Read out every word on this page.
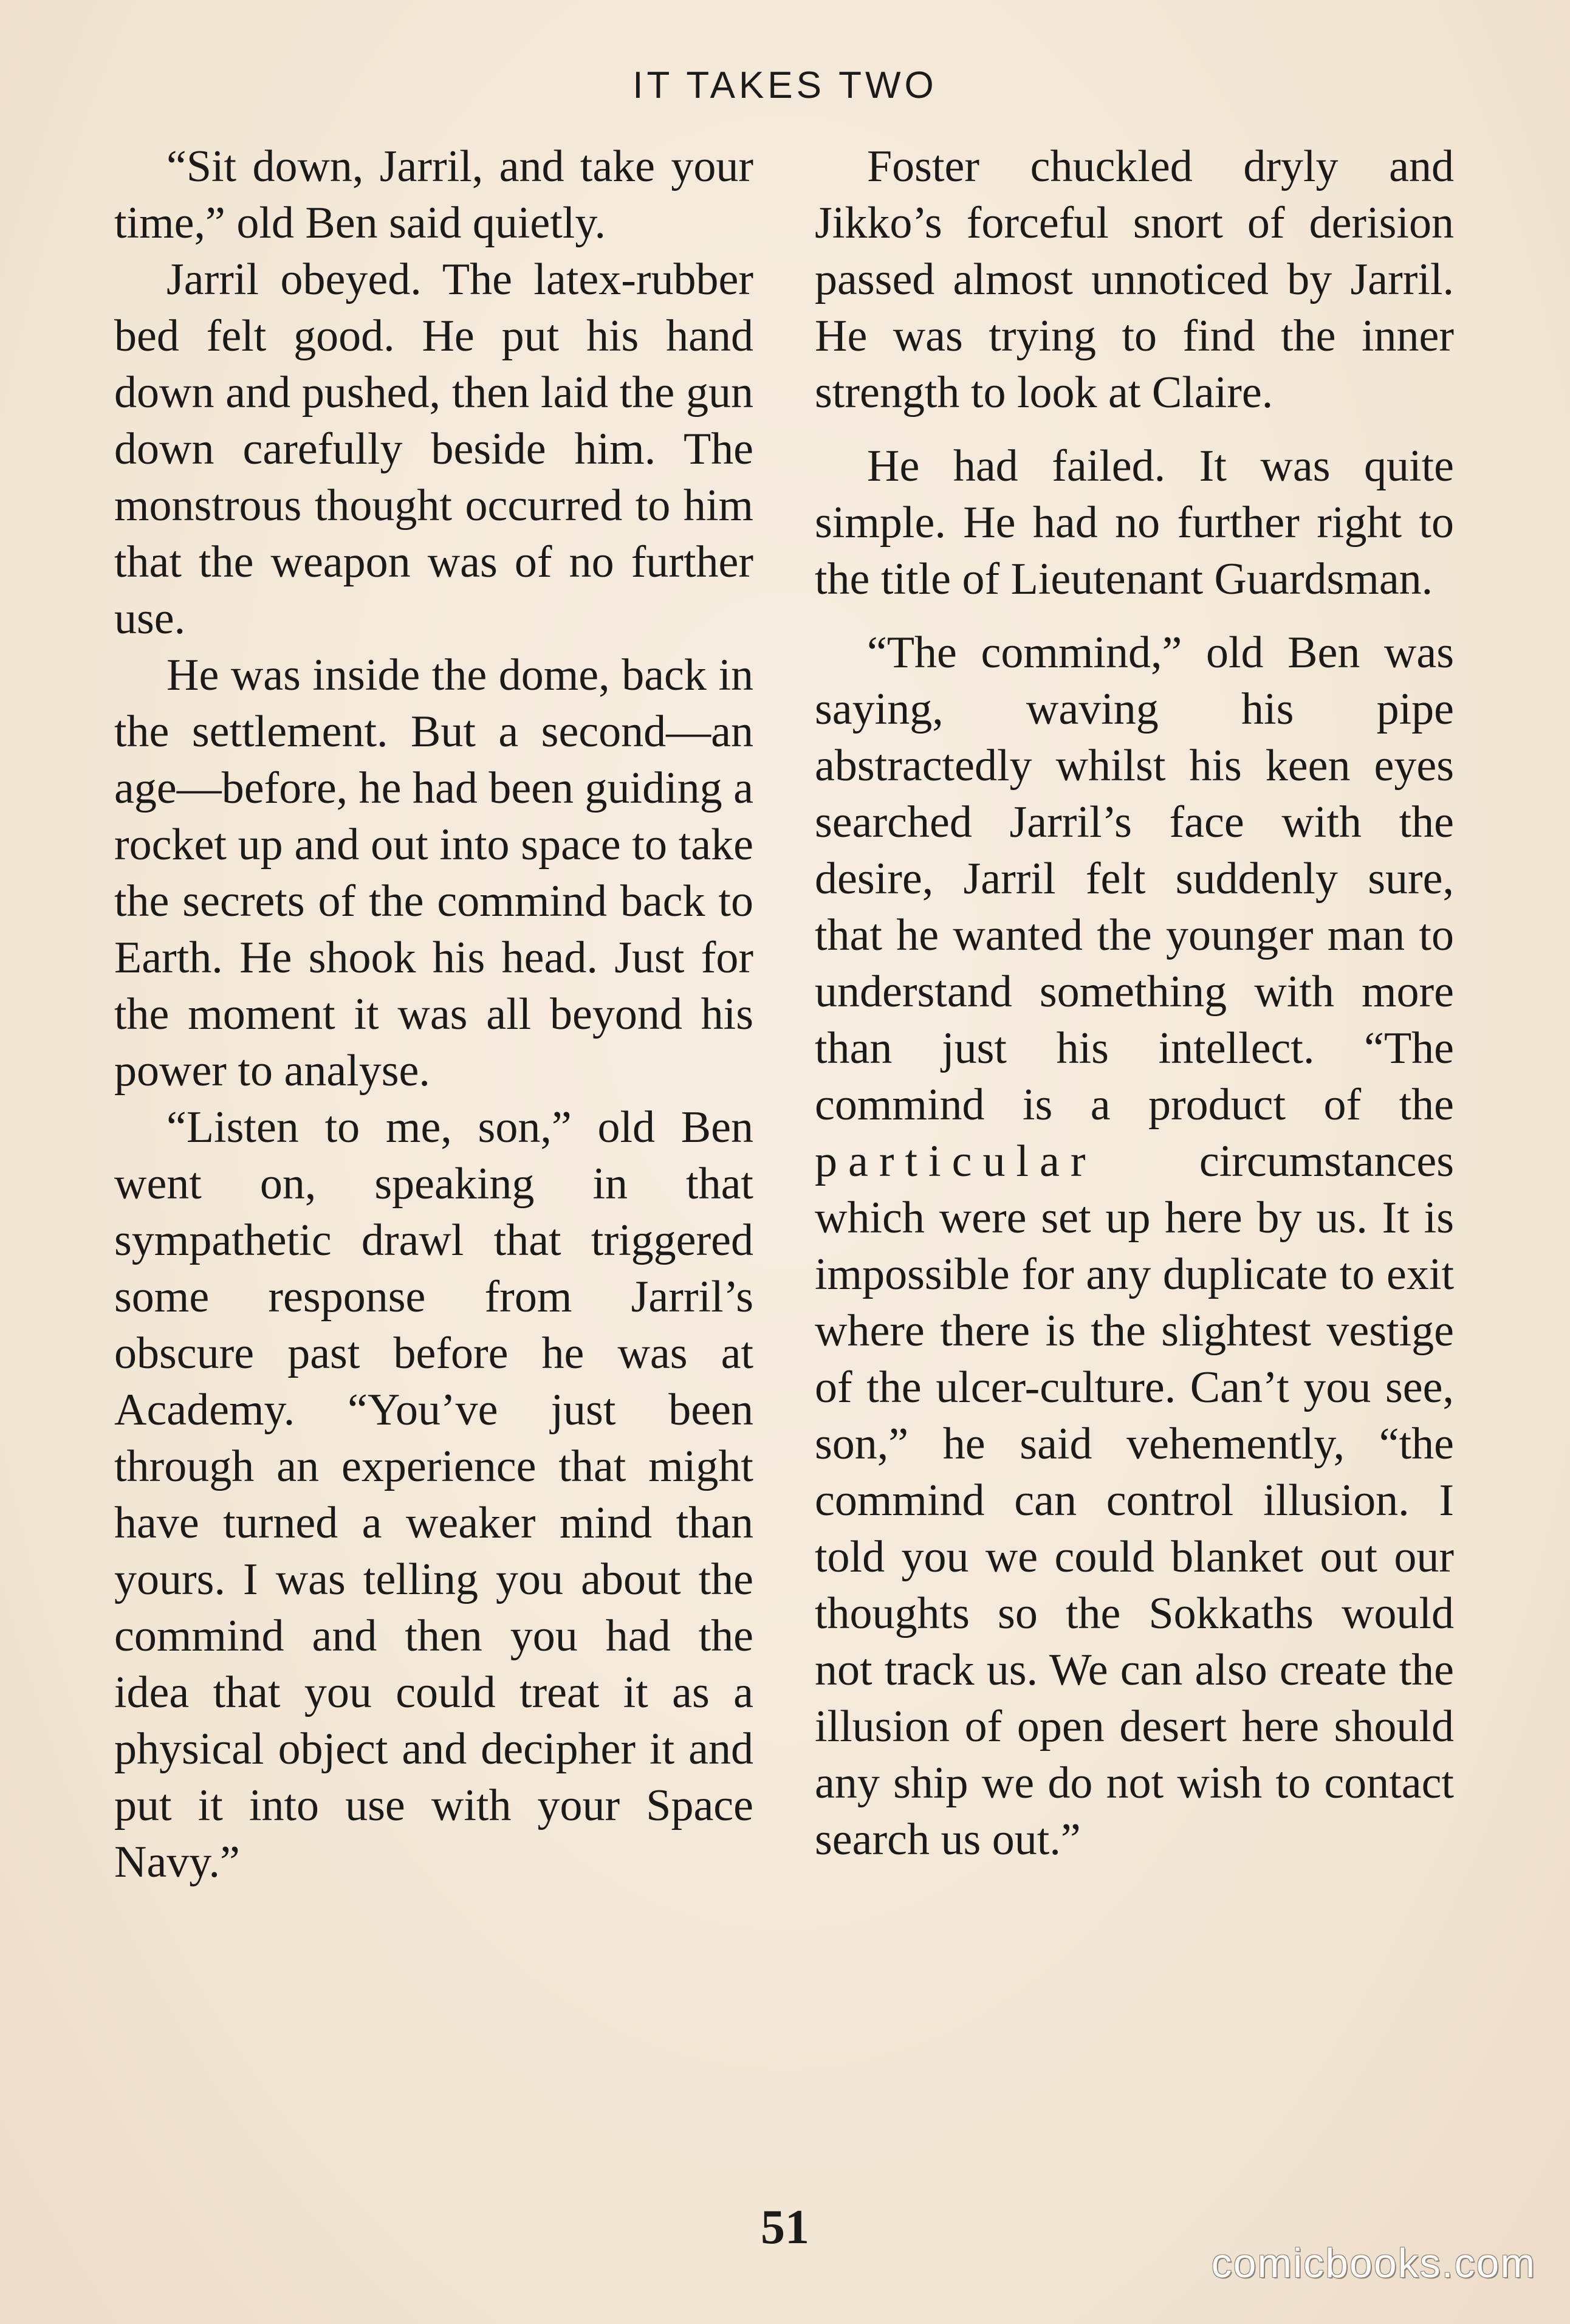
IT TAKES TWO

“Sit down, Jarril, and take your time,” old Ben said quietly.

Jarril obeyed. The latex-rubber bed felt good. He put his hand down and pushed, then laid the gun down carefully beside him. The monstrous thought occurred to him that the weapon was of no further use.

He was inside the dome, back in the settlement. But a second—an age—before, he had been guiding a rocket up and out into space to take the secrets of the commind back to Earth. He shook his head. Just for the moment it was all beyond his power to analyse.

“Listen to me, son,” old Ben went on, speaking in that sympathetic drawl that triggered some response from Jarril’s obscure past before he was at Academy. “You’ve just been through an experience that might have turned a weaker mind than yours. I was telling you about the commind and then you had the idea that you could treat it as a physical object and decipher it and put it into use with your Space Navy.”

Foster chuckled dryly and Jikko’s forceful snort of derision passed almost unnoticed by Jarril. He was trying to find the inner strength to look at Claire.

He had failed. It was quite simple. He had no further right to the title of Lieutenant Guardsman.

“The commind,” old Ben was saying, waving his pipe abstractedly whilst his keen eyes searched Jarril’s face with the desire, Jarril felt suddenly sure, that he wanted the younger man to understand something with more than just his intellect. “The commind is a product of the particular circumstances which were set up here by us. It is impossible for any duplicate to exit where there is the slightest vestige of the ulcer-culture. Can’t you see, son,” he said vehemently, “the commind can control illusion. I told you we could blanket out our thoughts so the Sokkaths would not track us. We can also create the illusion of open desert here should any ship we do not wish to contact search us out.”

51
comicbooks.com
